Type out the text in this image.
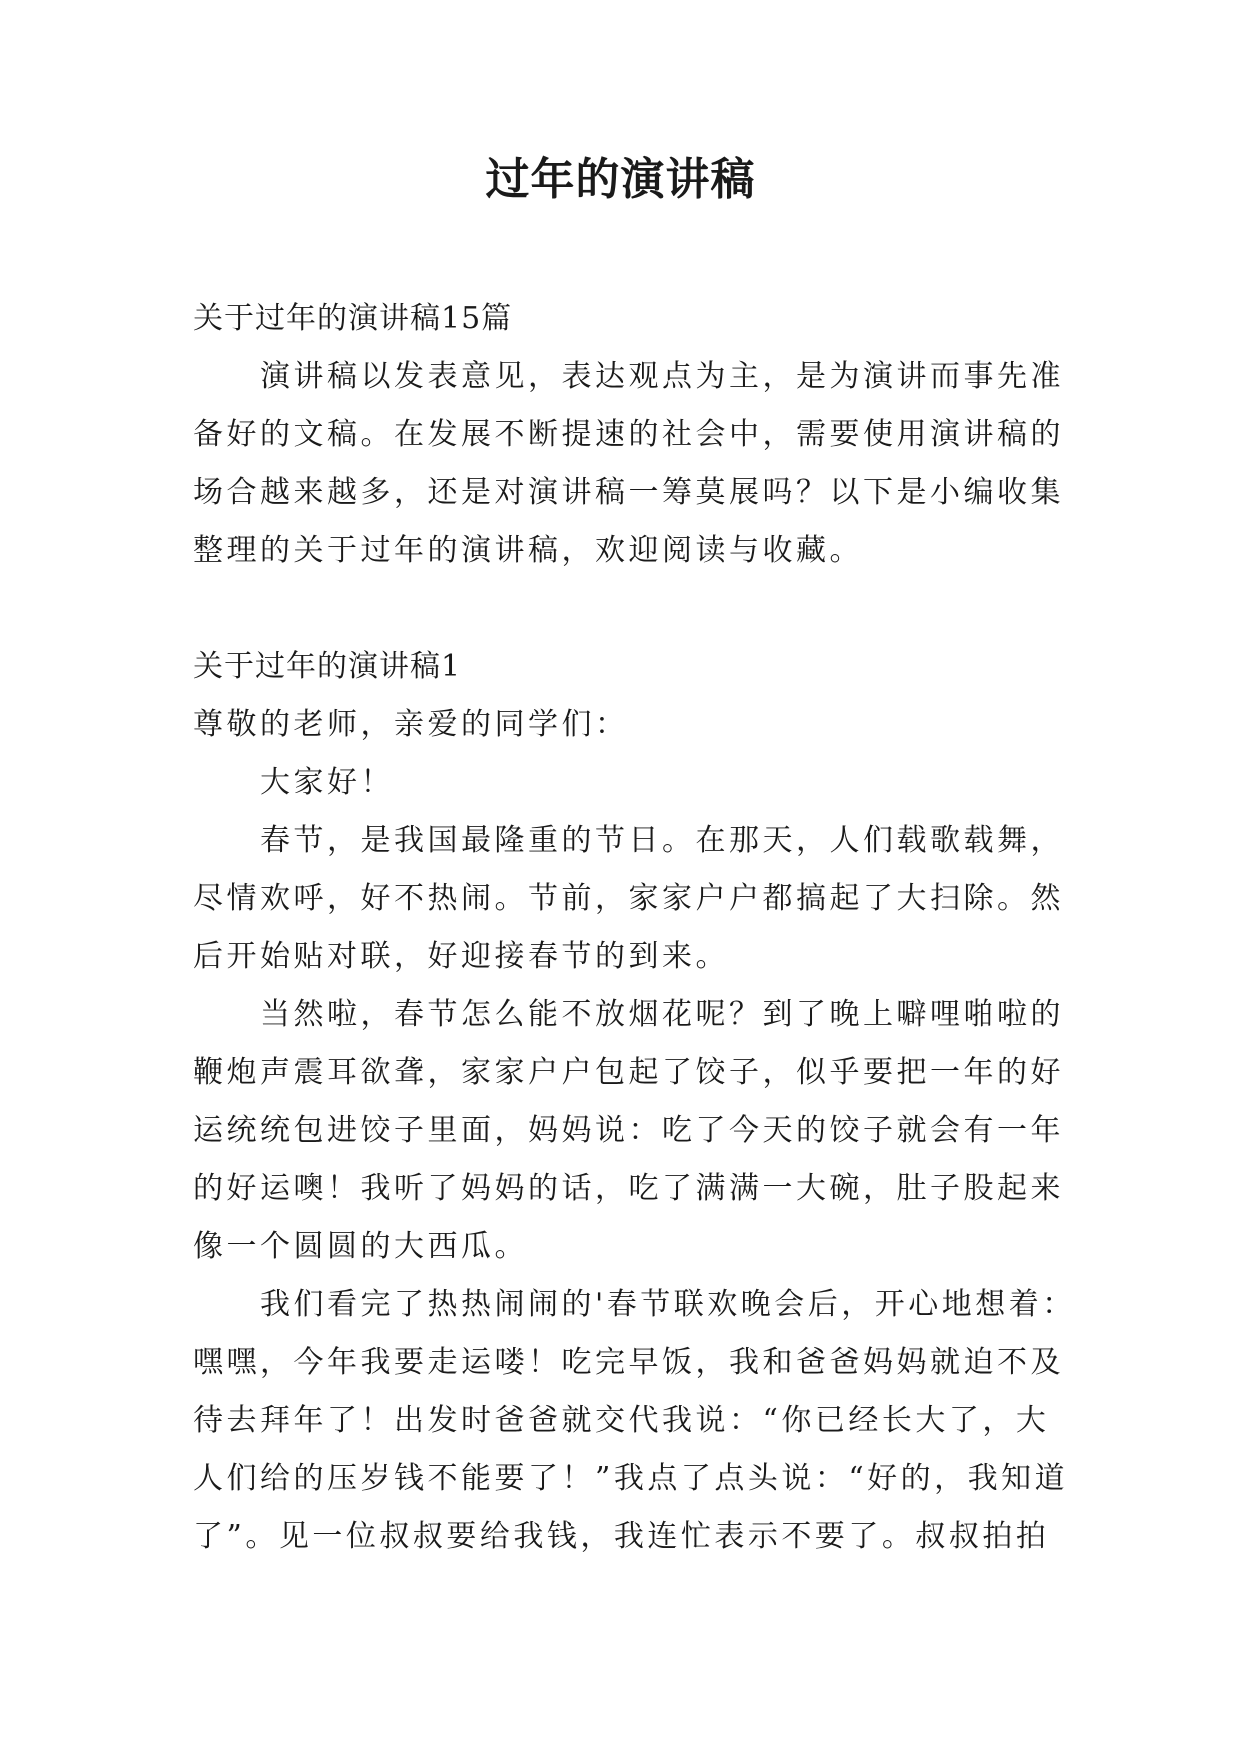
过年的演讲稿
关于过年的演讲稿15篇
　　演讲稿以发表意见，表达观点为主，是为演讲而事先准
备好的文稿。在发展不断提速的社会中，需要使用演讲稿的
场合越来越多，还是对演讲稿一筹莫展吗？以下是小编收集
整理的关于过年的演讲稿，欢迎阅读与收藏。
关于过年的演讲稿1
尊敬的老师，亲爱的同学们：
　　大家好！
　　春节，是我国最隆重的节日。在那天，人们载歌载舞，
尽情欢呼，好不热闹。节前，家家户户都搞起了大扫除。然
后开始贴对联，好迎接春节的到来。
　　当然啦，春节怎么能不放烟花呢？到了晚上噼哩啪啦的
鞭炮声震耳欲聋，家家户户包起了饺子，似乎要把一年的好
运统统包进饺子里面，妈妈说：吃了今天的饺子就会有一年
的好运噢！我听了妈妈的话，吃了满满一大碗，肚子股起来
像一个圆圆的大西瓜。
　　我们看完了热热闹闹的'春节联欢晚会后，开心地想着：
嘿嘿，今年我要走运喽！吃完早饭，我和爸爸妈妈就迫不及
待去拜年了！出发时爸爸就交代我说：“你已经长大了，大
人们给的压岁钱不能要了！”我点了点头说：“好的，我知道
了”。见一位叔叔要给我钱，我连忙表示不要了。叔叔拍拍
